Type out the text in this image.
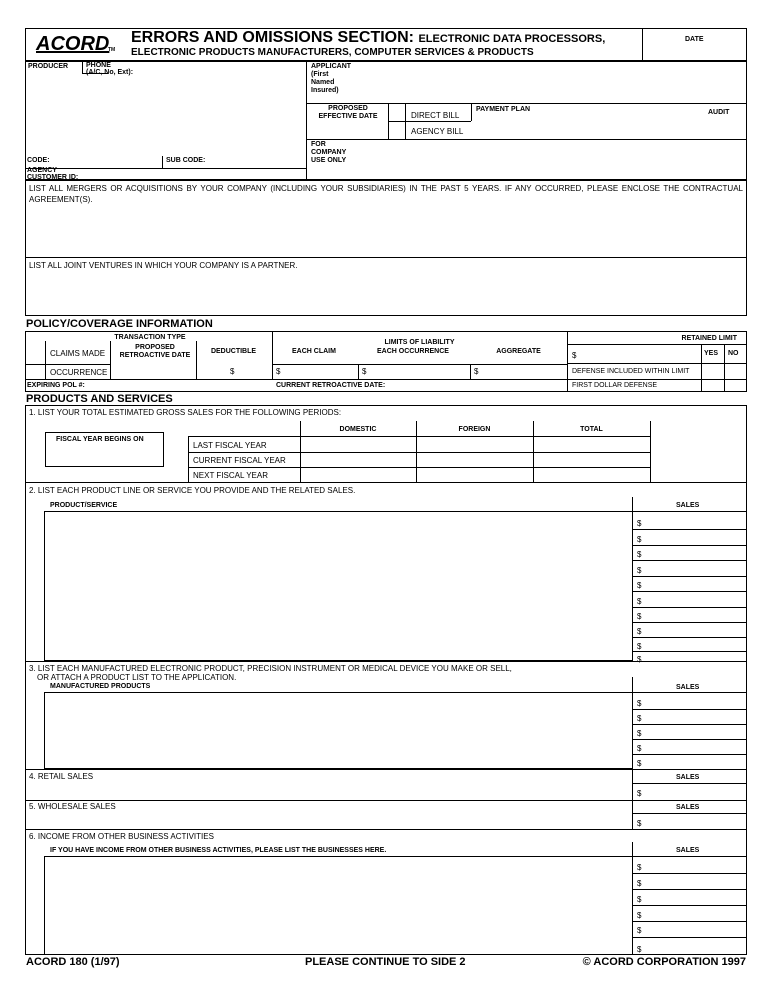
ACORD
TM
ERRORS AND OMISSIONS SECTION: ELECTRONIC DATA PROCESSORS,
ELECTRONIC PRODUCTS MANUFACTURERS, COMPUTER SERVICES & PRODUCTS
DATE
PRODUCER	PHONE
(A/C, No, Ext):
CODE:	SUB CODE:
AGENCY
CUSTOMER ID:
APPLICANT
(First
Named
Insured)
PROPOSED
EFFECTIVE DATE	DIRECT BILL
AGENCY BILL
PAYMENT PLAN	AUDIT
FOR
COMPANY
USE ONLY
LIST ALL MERGERS OR ACQUISITIONS BY YOUR COMPANY (INCLUDING YOUR SUBSIDIARIES) IN THE PAST 5 YEARS. IF ANY OCCURRED, PLEASE ENCLOSE THE CONTRACTUAL AGREEMENT(S).
LIST ALL JOINT VENTURES IN WHICH YOUR COMPANY IS A PARTNER.
POLICY/COVERAGE INFORMATION
TRANSACTION TYPE
CLAIMS MADE
OCCURRENCE
PROPOSED
RETROACTIVE DATE
DEDUCTIBLE
$
LIMITS OF LIABILITY
EACH CLAIM	EACH OCCURRENCE	AGGREGATE
$	$	$
RETAINED LIMIT
$	YES NO
DEFENSE INCLUDED WITHIN LIMIT
EXPIRING POL #:	CURRENT RETROACTIVE DATE:	FIRST DOLLAR DEFENSE
PRODUCTS AND SERVICES
1. LIST YOUR TOTAL ESTIMATED GROSS SALES FOR THE FOLLOWING PERIODS:
DOMESTIC	FOREIGN	TOTAL
FISCAL YEAR BEGINS ON
LAST FISCAL YEAR
CURRENT FISCAL YEAR
NEXT FISCAL YEAR
2. LIST EACH PRODUCT LINE OR SERVICE YOU PROVIDE AND THE RELATED SALES.
PRODUCT/SERVICE	SALES
$
$
$
$
$
$
$
$
$
$
3. LIST EACH MANUFACTURED ELECTRONIC PRODUCT, PRECISION INSTRUMENT OR MEDICAL DEVICE YOU MAKE OR SELL,
OR ATTACH A PRODUCT LIST TO THE APPLICATION.
MANUFACTURED PRODUCTS	SALES
$
$
$
$
$
4. RETAIL SALES	SALES
$
5. WHOLESALE SALES	SALES
$
6. INCOME FROM OTHER BUSINESS ACTIVITIES
IF YOU HAVE INCOME FROM OTHER BUSINESS ACTIVITIES, PLEASE LIST THE BUSINESSES HERE.	SALES
$
$
$
$
$
$
ACORD 180 (1/97)	PLEASE CONTINUE TO SIDE 2	© ACORD CORPORATION 1997
